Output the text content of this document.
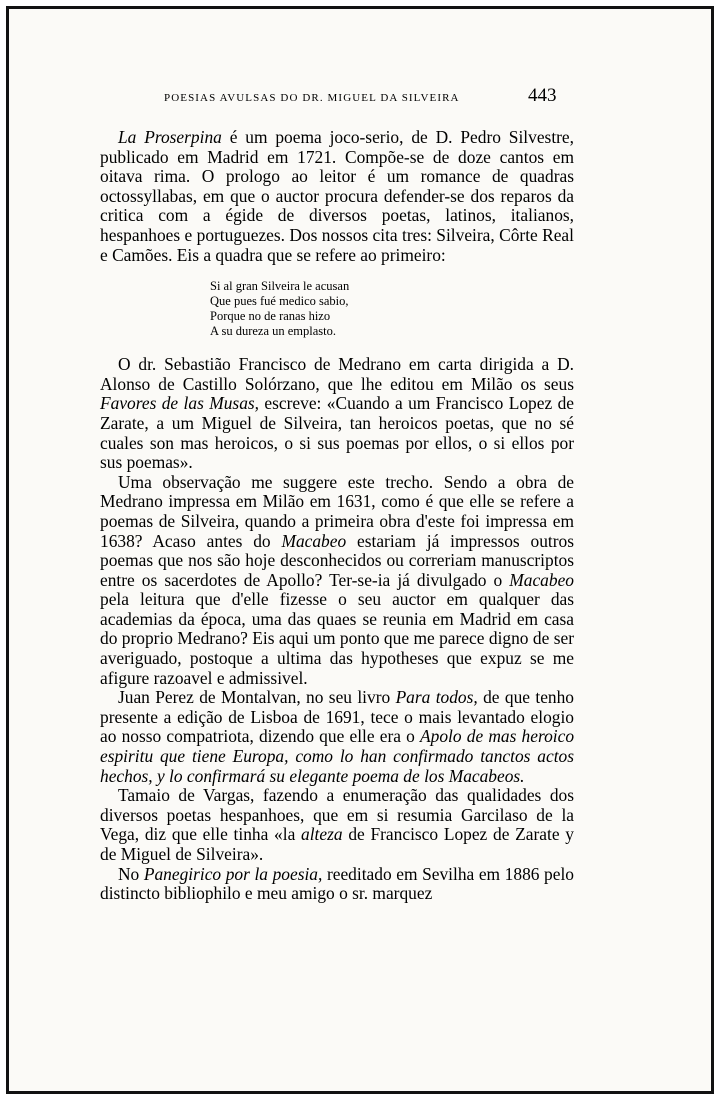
POESIAS AVULSAS DO DR. MIGUEL DA SILVEIRA	443

La Proserpina é um poema joco-serio, de D. Pedro Silvestre, publicado em Madrid em 1721. Compõe-se de doze cantos em oitava rima. O prologo ao leitor é um romance de quadras octossyllabas, em que o auctor procura defender-se dos reparos da critica com a égide de diversos poetas, latinos, italianos, hespanhoes e portuguezes. Dos nossos cita tres: Silveira, Côrte Real e Camões. Eis a quadra que se refere ao primeiro:

Si al gran Silveira le acusan
Que pues fué medico sabio,
Porque no de ranas hizo
A su dureza un emplasto.

O dr. Sebastião Francisco de Medrano em carta dirigida a D. Alonso de Castillo Solórzano, que lhe editou em Milão os seus Favores de las Musas, escreve: «Cuando a um Francisco Lopez de Zarate, a um Miguel de Silveira, tan heroicos poetas, que no sé cuales son mas heroicos, o si sus poemas por ellos, o si ellos por sus poemas».

Uma observação me suggere este trecho. Sendo a obra de Medrano impressa em Milão em 1631, como é que elle se refere a poemas de Silveira, quando a primeira obra d'este foi impressa em 1638? Acaso antes do Macabeo estariam já impressos outros poemas que nos são hoje desconhecidos ou correriam manuscriptos entre os sacerdotes de Apollo? Ter-se-ia já divulgado o Macabeo pela leitura que d'elle fizesse o seu auctor em qualquer das academias da época, uma das quaes se reunia em Madrid em casa do proprio Medrano? Eis aqui um ponto que me parece digno de ser averiguado, postoque a ultima das hypotheses que expuz se me afigure razoavel e admissivel.

Juan Perez de Montalvan, no seu livro Para todos, de que tenho presente a edição de Lisboa de 1691, tece o mais levantado elogio ao nosso compatriota, dizendo que elle era o Apolo de mas heroico espiritu que tiene Europa, como lo han confirmado tanctos actos hechos, y lo confirmará su elegante poema de los Macabeos.

Tamaio de Vargas, fazendo a enumeração das qualidades dos diversos poetas hespanhoes, que em si resumia Garcilaso de la Vega, diz que elle tinha «la alteza de Francisco Lopez de Zarate y de Miguel de Silveira».

No Panegirico por la poesia, reeditado em Sevilha em 1886 pelo distincto bibliophilo e meu amigo o sr. marquez
